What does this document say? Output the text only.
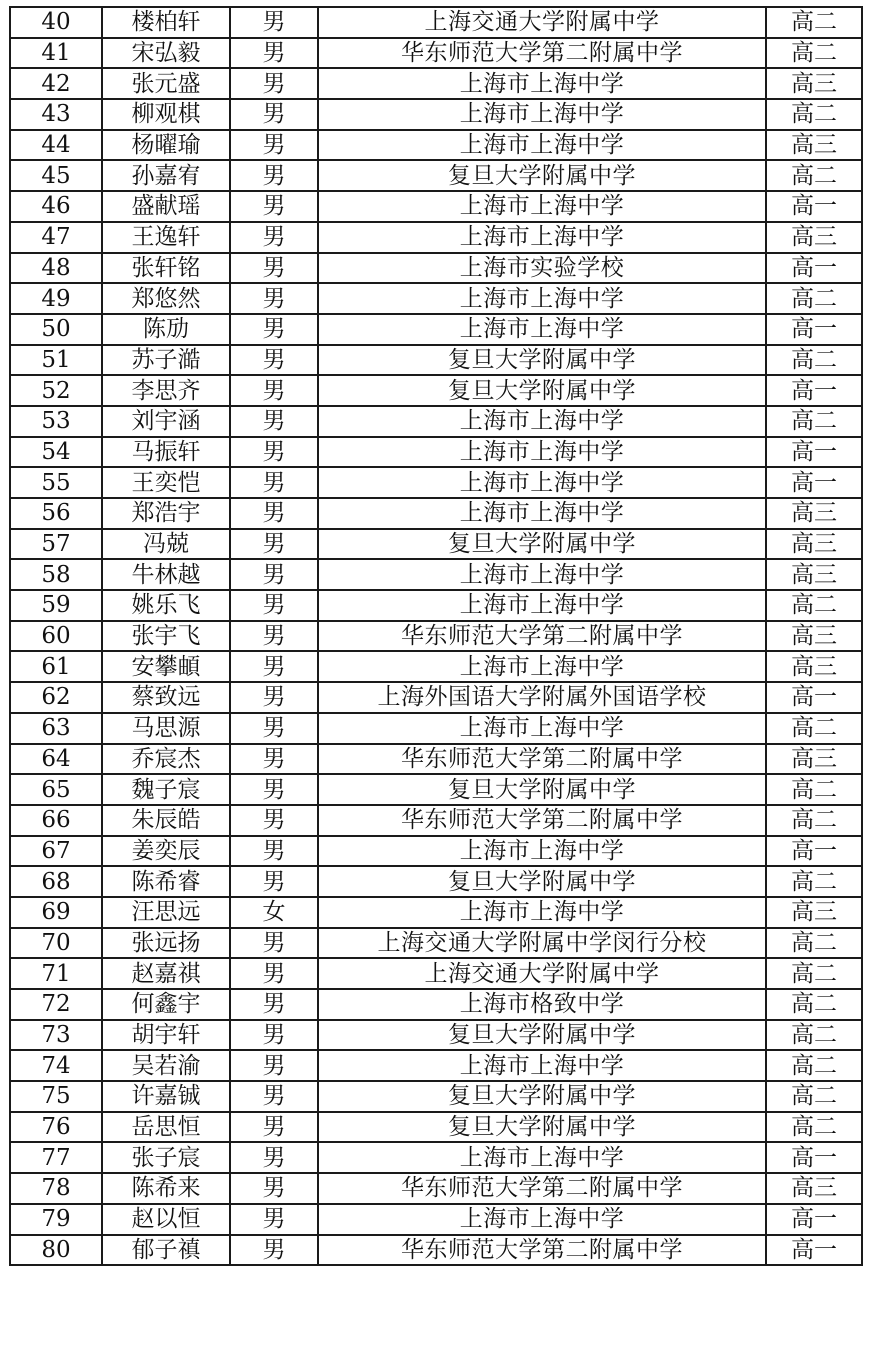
40	楼柏轩	男	上海交通大学附属中学	高二
41	宋弘毅	男	华东师范大学第二附属中学	高二
42	张元盛	男	上海市上海中学	高三
43	柳观棋	男	上海市上海中学	高二
44	杨曜瑜	男	上海市上海中学	高三
45	孙嘉宥	男	复旦大学附属中学	高二
46	盛献瑶	男	上海市上海中学	高一
47	王逸轩	男	上海市上海中学	高三
48	张轩铭	男	上海市实验学校	高一
49	郑悠然	男	上海市上海中学	高二
50	陈劢	男	上海市上海中学	高一
51	苏子澔	男	复旦大学附属中学	高二
52	李思齐	男	复旦大学附属中学	高一
53	刘宇涵	男	上海市上海中学	高二
54	马振轩	男	上海市上海中学	高一
55	王奕恺	男	上海市上海中学	高一
56	郑浩宇	男	上海市上海中学	高三
57	冯兢	男	复旦大学附属中学	高三
58	牛林越	男	上海市上海中学	高三
59	姚乐飞	男	上海市上海中学	高二
60	张宇飞	男	华东师范大学第二附属中学	高三
61	安攀頔	男	上海市上海中学	高三
62	蔡致远	男	上海外国语大学附属外国语学校	高一
63	马思源	男	上海市上海中学	高二
64	乔宸杰	男	华东师范大学第二附属中学	高三
65	魏子宸	男	复旦大学附属中学	高二
66	朱辰皓	男	华东师范大学第二附属中学	高二
67	姜奕辰	男	上海市上海中学	高一
68	陈希睿	男	复旦大学附属中学	高二
69	汪思远	女	上海市上海中学	高三
70	张远扬	男	上海交通大学附属中学闵行分校	高二
71	赵嘉祺	男	上海交通大学附属中学	高二
72	何鑫宇	男	上海市格致中学	高二
73	胡宇轩	男	复旦大学附属中学	高二
74	吴若渝	男	上海市上海中学	高二
75	许嘉铖	男	复旦大学附属中学	高二
76	岳思恒	男	复旦大学附属中学	高二
77	张子宸	男	上海市上海中学	高一
78	陈希来	男	华东师范大学第二附属中学	高三
79	赵以恒	男	上海市上海中学	高一
80	郁子禛	男	华东师范大学第二附属中学	高一
